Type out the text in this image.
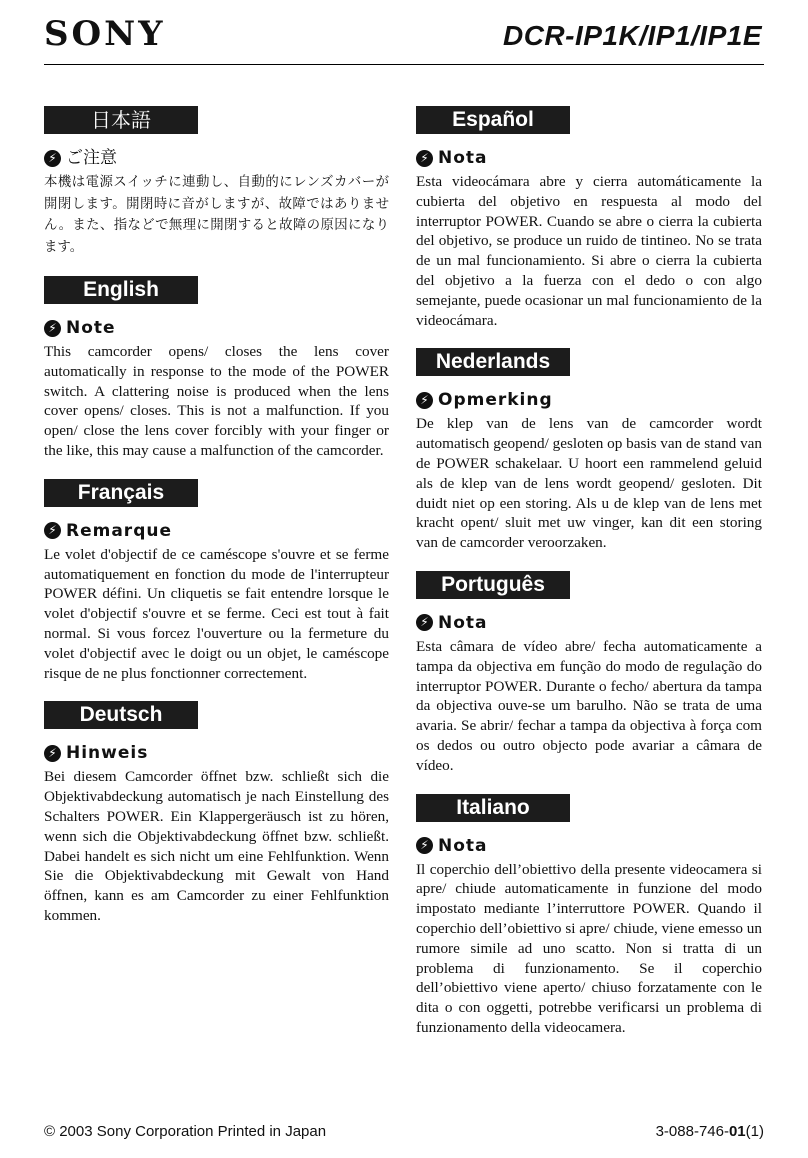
SONY	DCR-IP1K/IP1/IP1E
日本語
⚡ ご注意

本機は電源スイッチに連動し、自動的にレンズカバーが開閉します。開閉時に音がしますが、故障ではありません。また、指などで無理に開閉すると故障の原因になります。

English
⚡ Note

This camcorder opens/ closes the lens cover automatically in response to the mode of the POWER switch. A clattering noise is produced when the lens cover opens/ closes. This is not a malfunction. If you open/ close the lens cover forcibly with your finger or the like, this may cause a malfunction of the camcorder.

Français
⚡ Remarque

Le volet d'objectif de ce caméscope s'ouvre et se ferme automatiquement en fonction du mode de l'interrupteur POWER défini. Un cliquetis se fait entendre lorsque le volet d'objectif s'ouvre et se ferme. Ceci est tout à fait normal. Si vous forcez l'ouverture ou la fermeture du volet d'objectif avec le doigt ou un objet, le caméscope risque de ne plus fonctionner correctement.

Deutsch
⚡ Hinweis

Bei diesem Camcorder öffnet bzw. schließt sich die Objektivabdeckung automatisch je nach Einstellung des Schalters POWER. Ein Klappergeräusch ist zu hören, wenn sich die Objektivabdeckung öffnet bzw. schließt. Dabei handelt es sich nicht um eine Fehlfunktion. Wenn Sie die Objektivabdeckung mit Gewalt von Hand öffnen, kann es am Camcorder zu einer Fehlfunktion kommen.

Español
⚡ Nota

Esta videocámara abre y cierra automáticamente la cubierta del objetivo en respuesta al modo del interruptor POWER. Cuando se abre o cierra la cubierta del objetivo, se produce un ruido de tintineo. No se trata de un mal funcionamiento. Si abre o cierra la cubierta del objetivo a la fuerza con el dedo o con algo semejante, puede ocasionar un mal funcionamiento de la videocámara.

Nederlands
⚡ Opmerking

De klep van de lens van de camcorder wordt automatisch geopend/ gesloten op basis van de stand van de POWER schakelaar. U hoort een rammelend geluid als de klep van de lens wordt geopend/ gesloten. Dit duidt niet op een storing. Als u de klep van de lens met kracht opent/ sluit met uw vinger, kan dit een storing van de camcorder veroorzaken.

Português
⚡ Nota

Esta câmara de vídeo abre/ fecha automaticamente a tampa da objectiva em função do modo de regulação do interruptor POWER. Durante o fecho/ abertura da tampa da objectiva ouve-se um barulho. Não se trata de uma avaria. Se abrir/ fechar a tampa da objectiva à força com os dedos ou outro objecto pode avariar a câmara de vídeo.

Italiano
⚡ Nota

Il coperchio dell’obiettivo della presente videocamera si apre/ chiude automaticamente in funzione del modo impostato mediante l’interruttore POWER. Quando il coperchio dell’obiettivo si apre/ chiude, viene emesso un rumore simile ad uno scatto. Non si tratta di un problema di funzionamento. Se il coperchio dell’obiettivo viene aperto/ chiuso forzatamente con le dita o con oggetti, potrebbe verificarsi un problema di funzionamento della videocamera.

© 2003 Sony Corporation Printed in Japan	3-088-746-01(1)
